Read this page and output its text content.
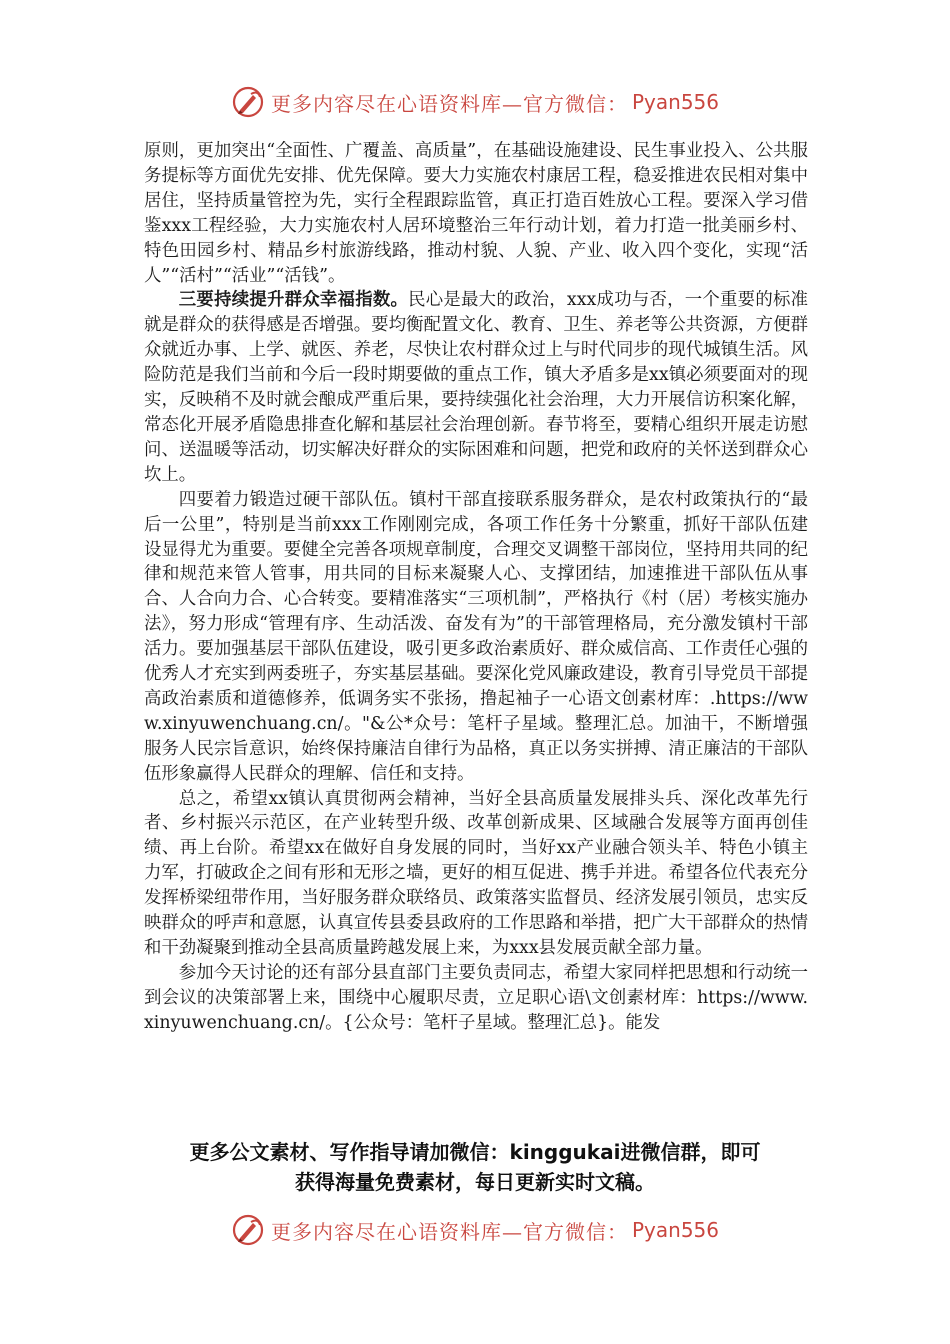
更多内容尽在心语资料库—官方微信： Pyan556

原则，更加突出“全面性、广覆盖、高质量”，在基础设施建设、民生事业投入、公共服务提标等方面优先安排、优先保障。要大力实施农村康居工程，稳妥推进农民相对集中居住，坚持质量管控为先，实行全程跟踪监管，真正打造百姓放心工程。要深入学习借鉴xxx工程经验，大力实施农村人居环境整治三年行动计划，着力打造一批美丽乡村、特色田园乡村、精品乡村旅游线路，推动村貌、人貌、产业、收入四个变化，实现“活人”“活村”“活业”“活钱”。

三要持续提升群众幸福指数。民心是最大的政治，xxx成功与否，一个重要的标准就是群众的获得感是否增强。要均衡配置文化、教育、卫生、养老等公共资源，方便群众就近办事、上学、就医、养老，尽快让农村群众过上与时代同步的现代城镇生活。风险防范是我们当前和今后一段时期要做的重点工作，镇大矛盾多是xx镇必须要面对的现实，反映稍不及时就会酿成严重后果，要持续强化社会治理，大力开展信访积案化解，常态化开展矛盾隐患排查化解和基层社会治理创新。春节将至，要精心组织开展走访慰问、送温暖等活动，切实解决好群众的实际困难和问题，把党和政府的关怀送到群众心坎上。

四要着力锻造过硬干部队伍。镇村干部直接联系服务群众，是农村政策执行的“最后一公里”，特别是当前xxx工作刚刚完成，各项工作任务十分繁重，抓好干部队伍建设显得尤为重要。要健全完善各项规章制度，合理交叉调整干部岗位，坚持用共同的纪律和规范来管人管事，用共同的目标来凝聚人心、支撑团结，加速推进干部队伍从事合、人合向力合、心合转变。要精准落实“三项机制”，严格执行《村（居）考核实施办法》，努力形成“管理有序、生动活泼、奋发有为”的干部管理格局，充分激发镇村干部活力。要加强基层干部队伍建设，吸引更多政治素质好、群众威信高、工作责任心强的优秀人才充实到两委班子，夯实基层基础。要深化党风廉政建设，教育引导党员干部提高政治素质和道德修养，低调务实不张扬，撸起袖子一心语文创素材库：.https://www.xinyuwenchuang.cn/。"&公*众号：笔杆子星域。整理汇总。加油干，不断增强服务人民宗旨意识，始终保持廉洁自律行为品格，真正以务实拼搏、清正廉洁的干部队伍形象赢得人民群众的理解、信任和支持。

总之，希望xx镇认真贯彻两会精神，当好全县高质量发展排头兵、深化改革先行者、乡村振兴示范区，在产业转型升级、改革创新成果、区域融合发展等方面再创佳绩、再上台阶。希望xx在做好自身发展的同时，当好xx产业融合领头羊、特色小镇主力军，打破政企之间有形和无形之墙，更好的相互促进、携手并进。希望各位代表充分发挥桥梁纽带作用，当好服务群众联络员、政策落实监督员、经济发展引领员，忠实反映群众的呼声和意愿，认真宣传县委县政府的工作思路和举措，把广大干部群众的热情和干劲凝聚到推动全县高质量跨越发展上来，为xxx县发展贡献全部力量。

参加今天讨论的还有部分县直部门主要负责同志，希望大家同样把思想和行动统一到会议的决策部署上来，围绕中心履职尽责，立足职心语\文创素材库：https://www.xinyuwenchuang.cn/。{公众号：笔杆子星域。整理汇总}。能发

更多公文素材、写作指导请加微信：kinggukai进微信群，即可
获得海量免费素材，每日更新实时文稿。
更多内容尽在心语资料库—官方微信： Pyan556
